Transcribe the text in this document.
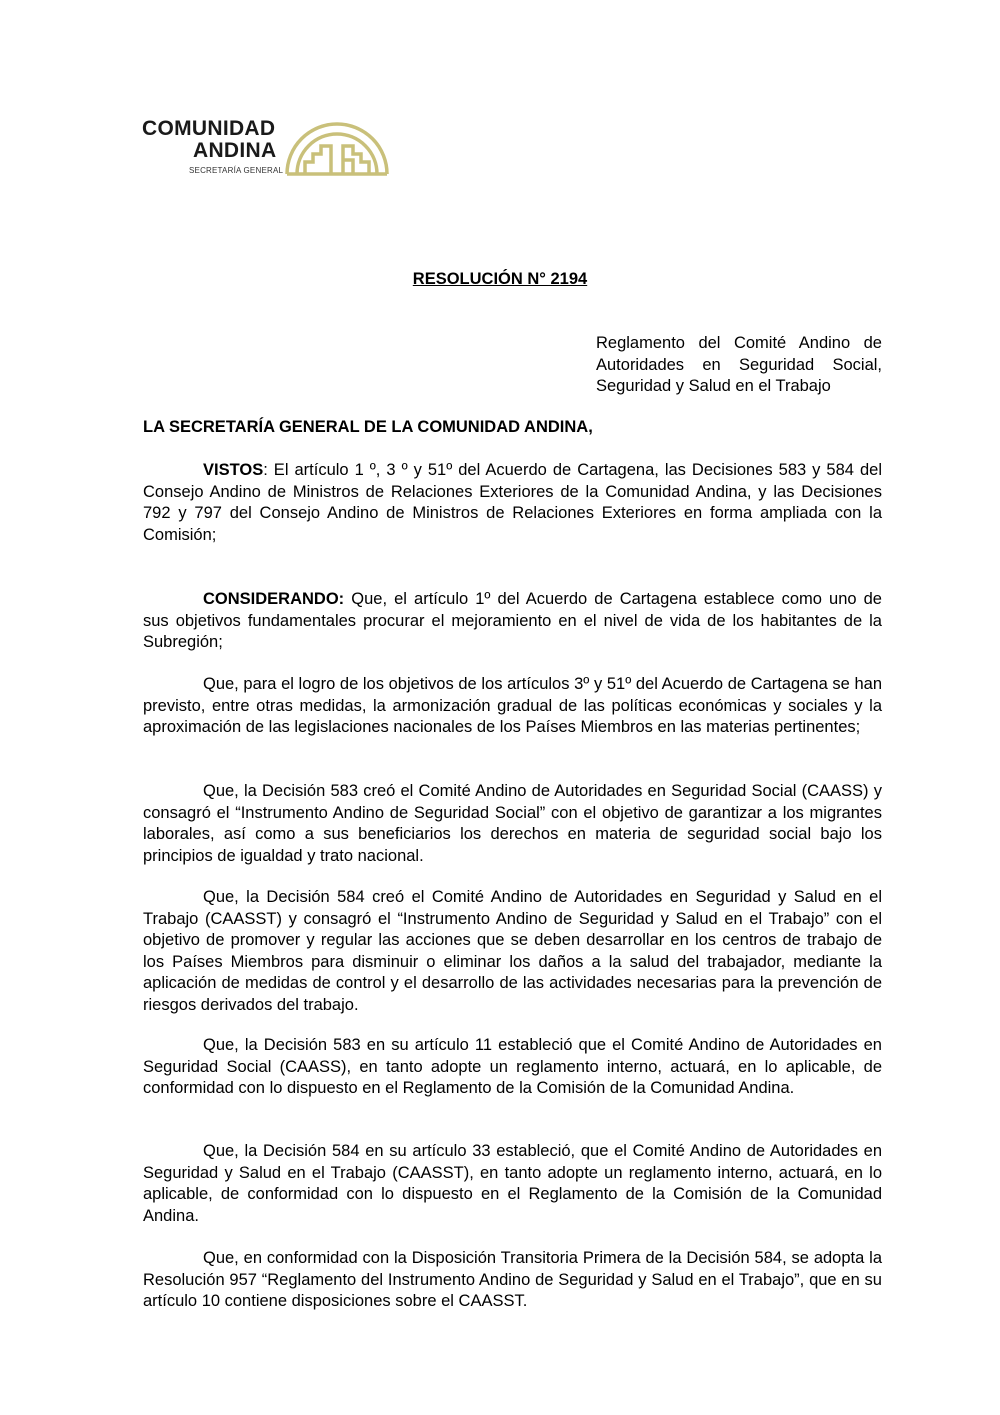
COMUNIDAD
ANDINA
SECRETARÍA GENERAL
RESOLUCIÓN N° 2194
Reglamento del Comité Andino de Autoridades en Seguridad Social, Seguridad y Salud en el Trabajo
LA SECRETARÍA GENERAL DE LA COMUNIDAD ANDINA,

VISTOS: El artículo 1 º, 3 º y 51º del Acuerdo de Cartagena, las Decisiones 583 y 584 del Consejo Andino de Ministros de Relaciones Exteriores de la Comunidad Andina, y las Decisiones 792 y 797 del Consejo Andino de Ministros de Relaciones Exteriores en forma ampliada con la Comisión;

CONSIDERANDO: Que, el artículo 1º del Acuerdo de Cartagena establece como uno de sus objetivos fundamentales procurar el mejoramiento en el nivel de vida de los habitantes de la Subregión;

Que, para el logro de los objetivos de los artículos 3º y 51º del Acuerdo de Cartagena se han previsto, entre otras medidas, la armonización gradual de las políticas económicas y sociales y la aproximación de las legislaciones nacionales de los Países Miembros en las materias pertinentes;

Que, la Decisión 583 creó el Comité Andino de Autoridades en Seguridad Social (CAASS) y consagró el “Instrumento Andino de Seguridad Social” con el objetivo de garantizar a los migrantes laborales, así como a sus beneficiarios los derechos en materia de seguridad social bajo los principios de igualdad y trato nacional.

Que, la Decisión 584 creó el Comité Andino de Autoridades en Seguridad y Salud en el Trabajo (CAASST) y consagró el “Instrumento Andino de Seguridad y Salud en el Trabajo” con el objetivo de promover y regular las acciones que se deben desarrollar en los centros de trabajo de los Países Miembros para disminuir o eliminar los daños a la salud del trabajador, mediante la aplicación de medidas de control y el desarrollo de las actividades necesarias para la prevención de riesgos derivados del trabajo.

Que, la Decisión 583 en su artículo 11 estableció que el Comité Andino de Autoridades en Seguridad Social (CAASS), en tanto adopte un reglamento interno, actuará, en lo aplicable, de conformidad con lo dispuesto en el Reglamento de la Comisión de la Comunidad Andina.

Que, la Decisión 584 en su artículo 33 estableció, que el Comité Andino de Autoridades en Seguridad y Salud en el Trabajo (CAASST), en tanto adopte un reglamento interno, actuará, en lo aplicable, de conformidad con lo dispuesto en el Reglamento de la Comisión de la Comunidad Andina.

Que, en conformidad con la Disposición Transitoria Primera de la Decisión 584, se adopta la Resolución 957 “Reglamento del Instrumento Andino de Seguridad y Salud en el Trabajo”, que en su artículo 10 contiene disposiciones sobre el CAASST.
